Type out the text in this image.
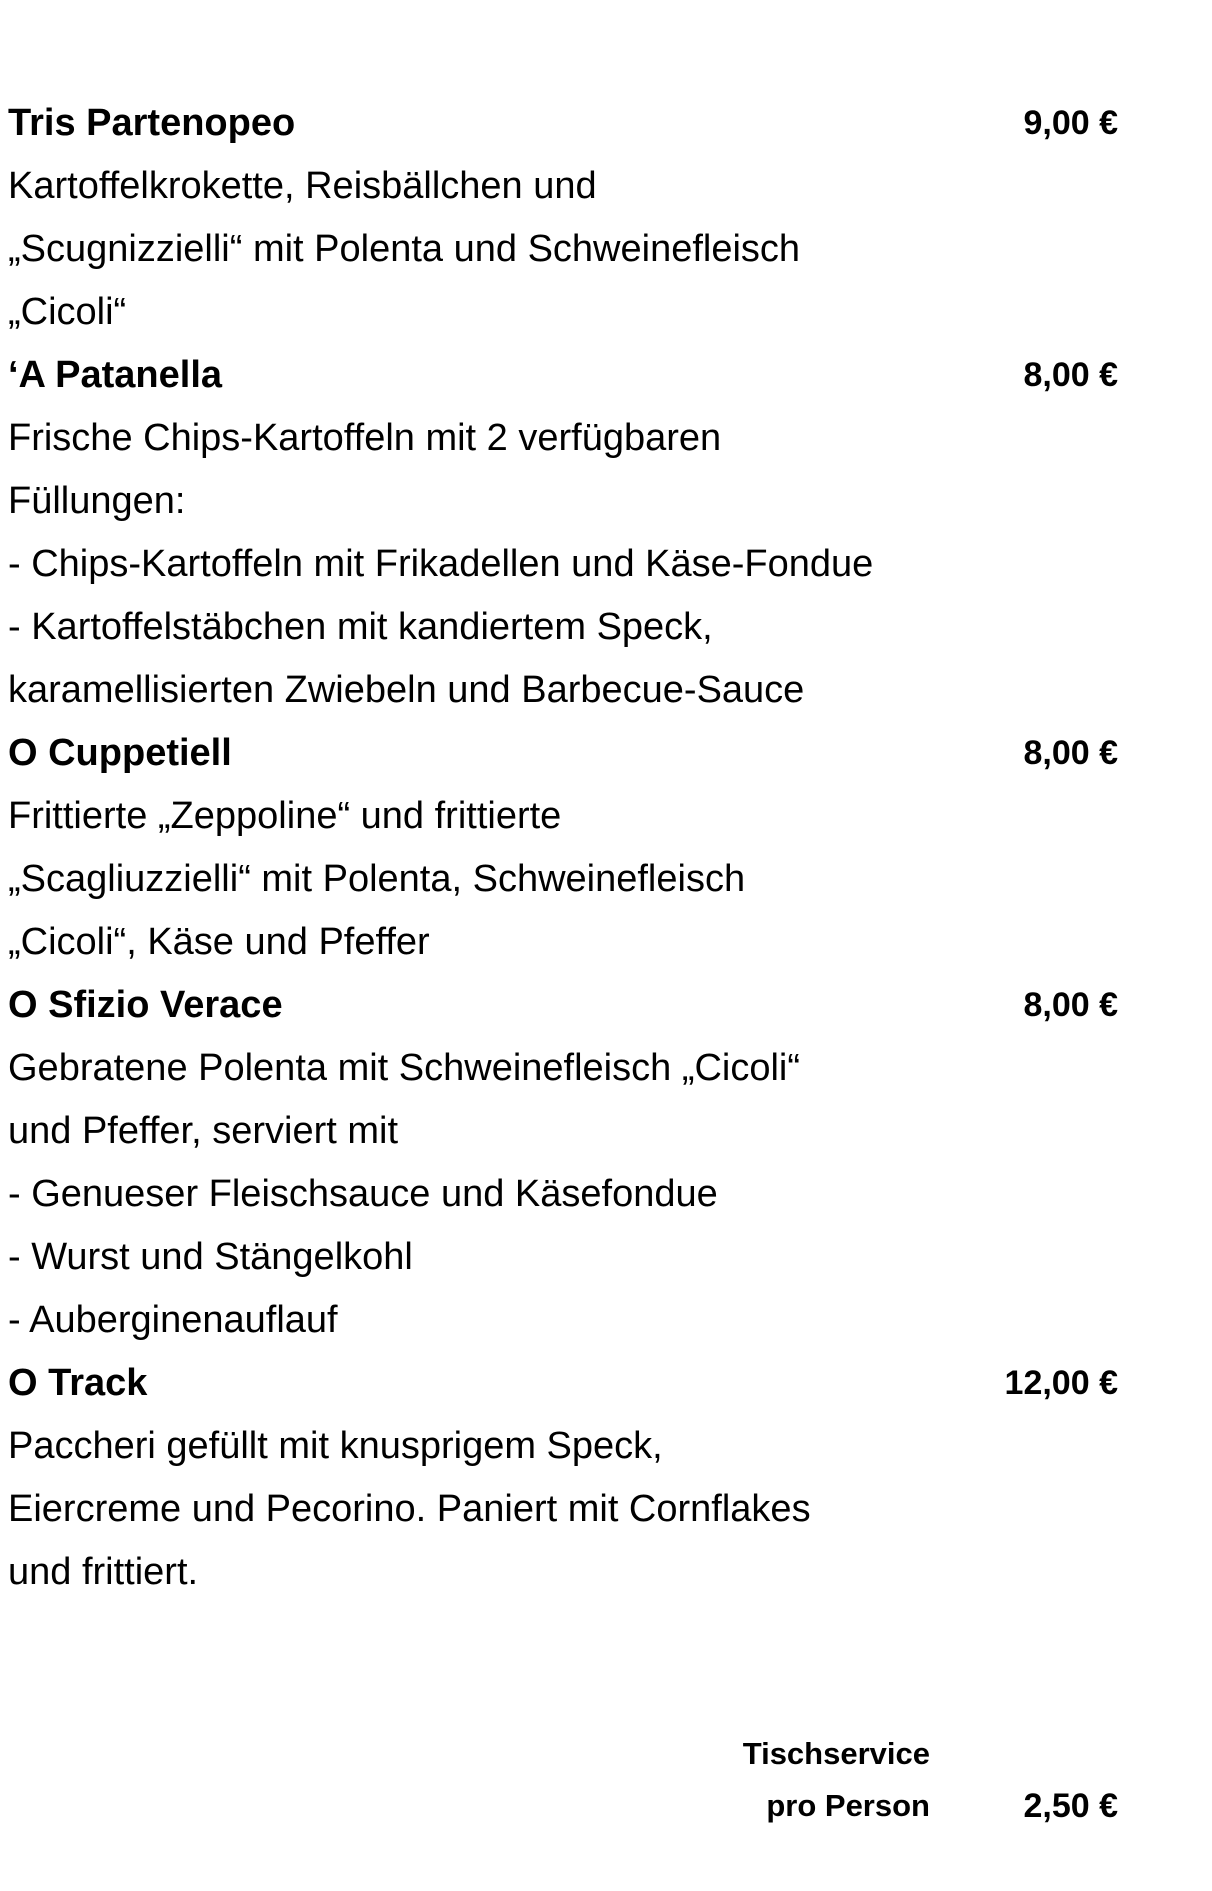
Tris Partenopeo	9,00 €
Kartoffelkrokette, Reisbällchen und
„Scugnizzielli“ mit Polenta und Schweinefleisch
„Cicoli“
‘A Patanella	8,00 €
Frische Chips-Kartoffeln mit 2 verfügbaren
Füllungen:
- Chips-Kartoffeln mit Frikadellen und Käse-Fondue
- Kartoffelstäbchen mit kandiertem Speck,
karamellisierten Zwiebeln und Barbecue-Sauce
O Cuppetiell	8,00 €
Frittierte „Zeppoline“ und frittierte
„Scagliuzzielli“ mit Polenta, Schweinefleisch
„Cicoli“, Käse und Pfeffer
O Sfizio Verace	8,00 €
Gebratene Polenta mit Schweinefleisch „Cicoli“
und Pfeffer, serviert mit
- Genueser Fleischsauce und Käsefondue
- Wurst und Stängelkohl
- Auberginenauflauf
O Track	12,00 €
Paccheri gefüllt mit knusprigem Speck,
Eiercreme und Pecorino. Paniert mit Cornflakes
und frittiert.
Tischservice
pro Person	2,50 €
